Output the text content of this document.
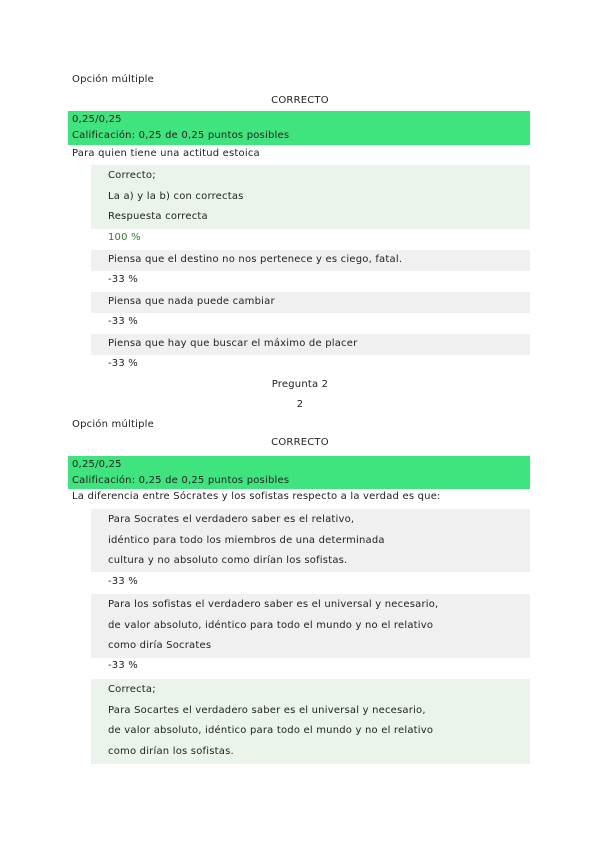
Opción múltiple
CORRECTO
0,25/0,25
Calificación: 0,25 de 0,25 puntos posibles
Para quien tiene una actitud estoica
Correcto;
La a) y la b) con correctas
Respuesta correcta
100 %
Piensa que el destino no nos pertenece y es ciego, fatal.
-33 %
Piensa que nada puede cambiar
-33 %
Piensa que hay que buscar el máximo de placer
-33 %
Pregunta 2
2
Opción múltiple
CORRECTO
0,25/0,25
Calificación: 0,25 de 0,25 puntos posibles
La diferencia entre Sócrates y los sofistas respecto a la verdad es que:
Para Socrates el verdadero saber es el relativo,
idéntico para todo los miembros de una determinada
cultura y no absoluto como dirían los sofistas.
-33 %
Para los sofistas el verdadero saber es el universal y necesario,
de valor absoluto, idéntico para todo el mundo y no el relativo
como diría Socrates
-33 %
Correcta;
Para Socartes el verdadero saber es el universal y necesario,
de valor absoluto, idéntico para todo el mundo y no el relativo
como dirían los sofistas.
